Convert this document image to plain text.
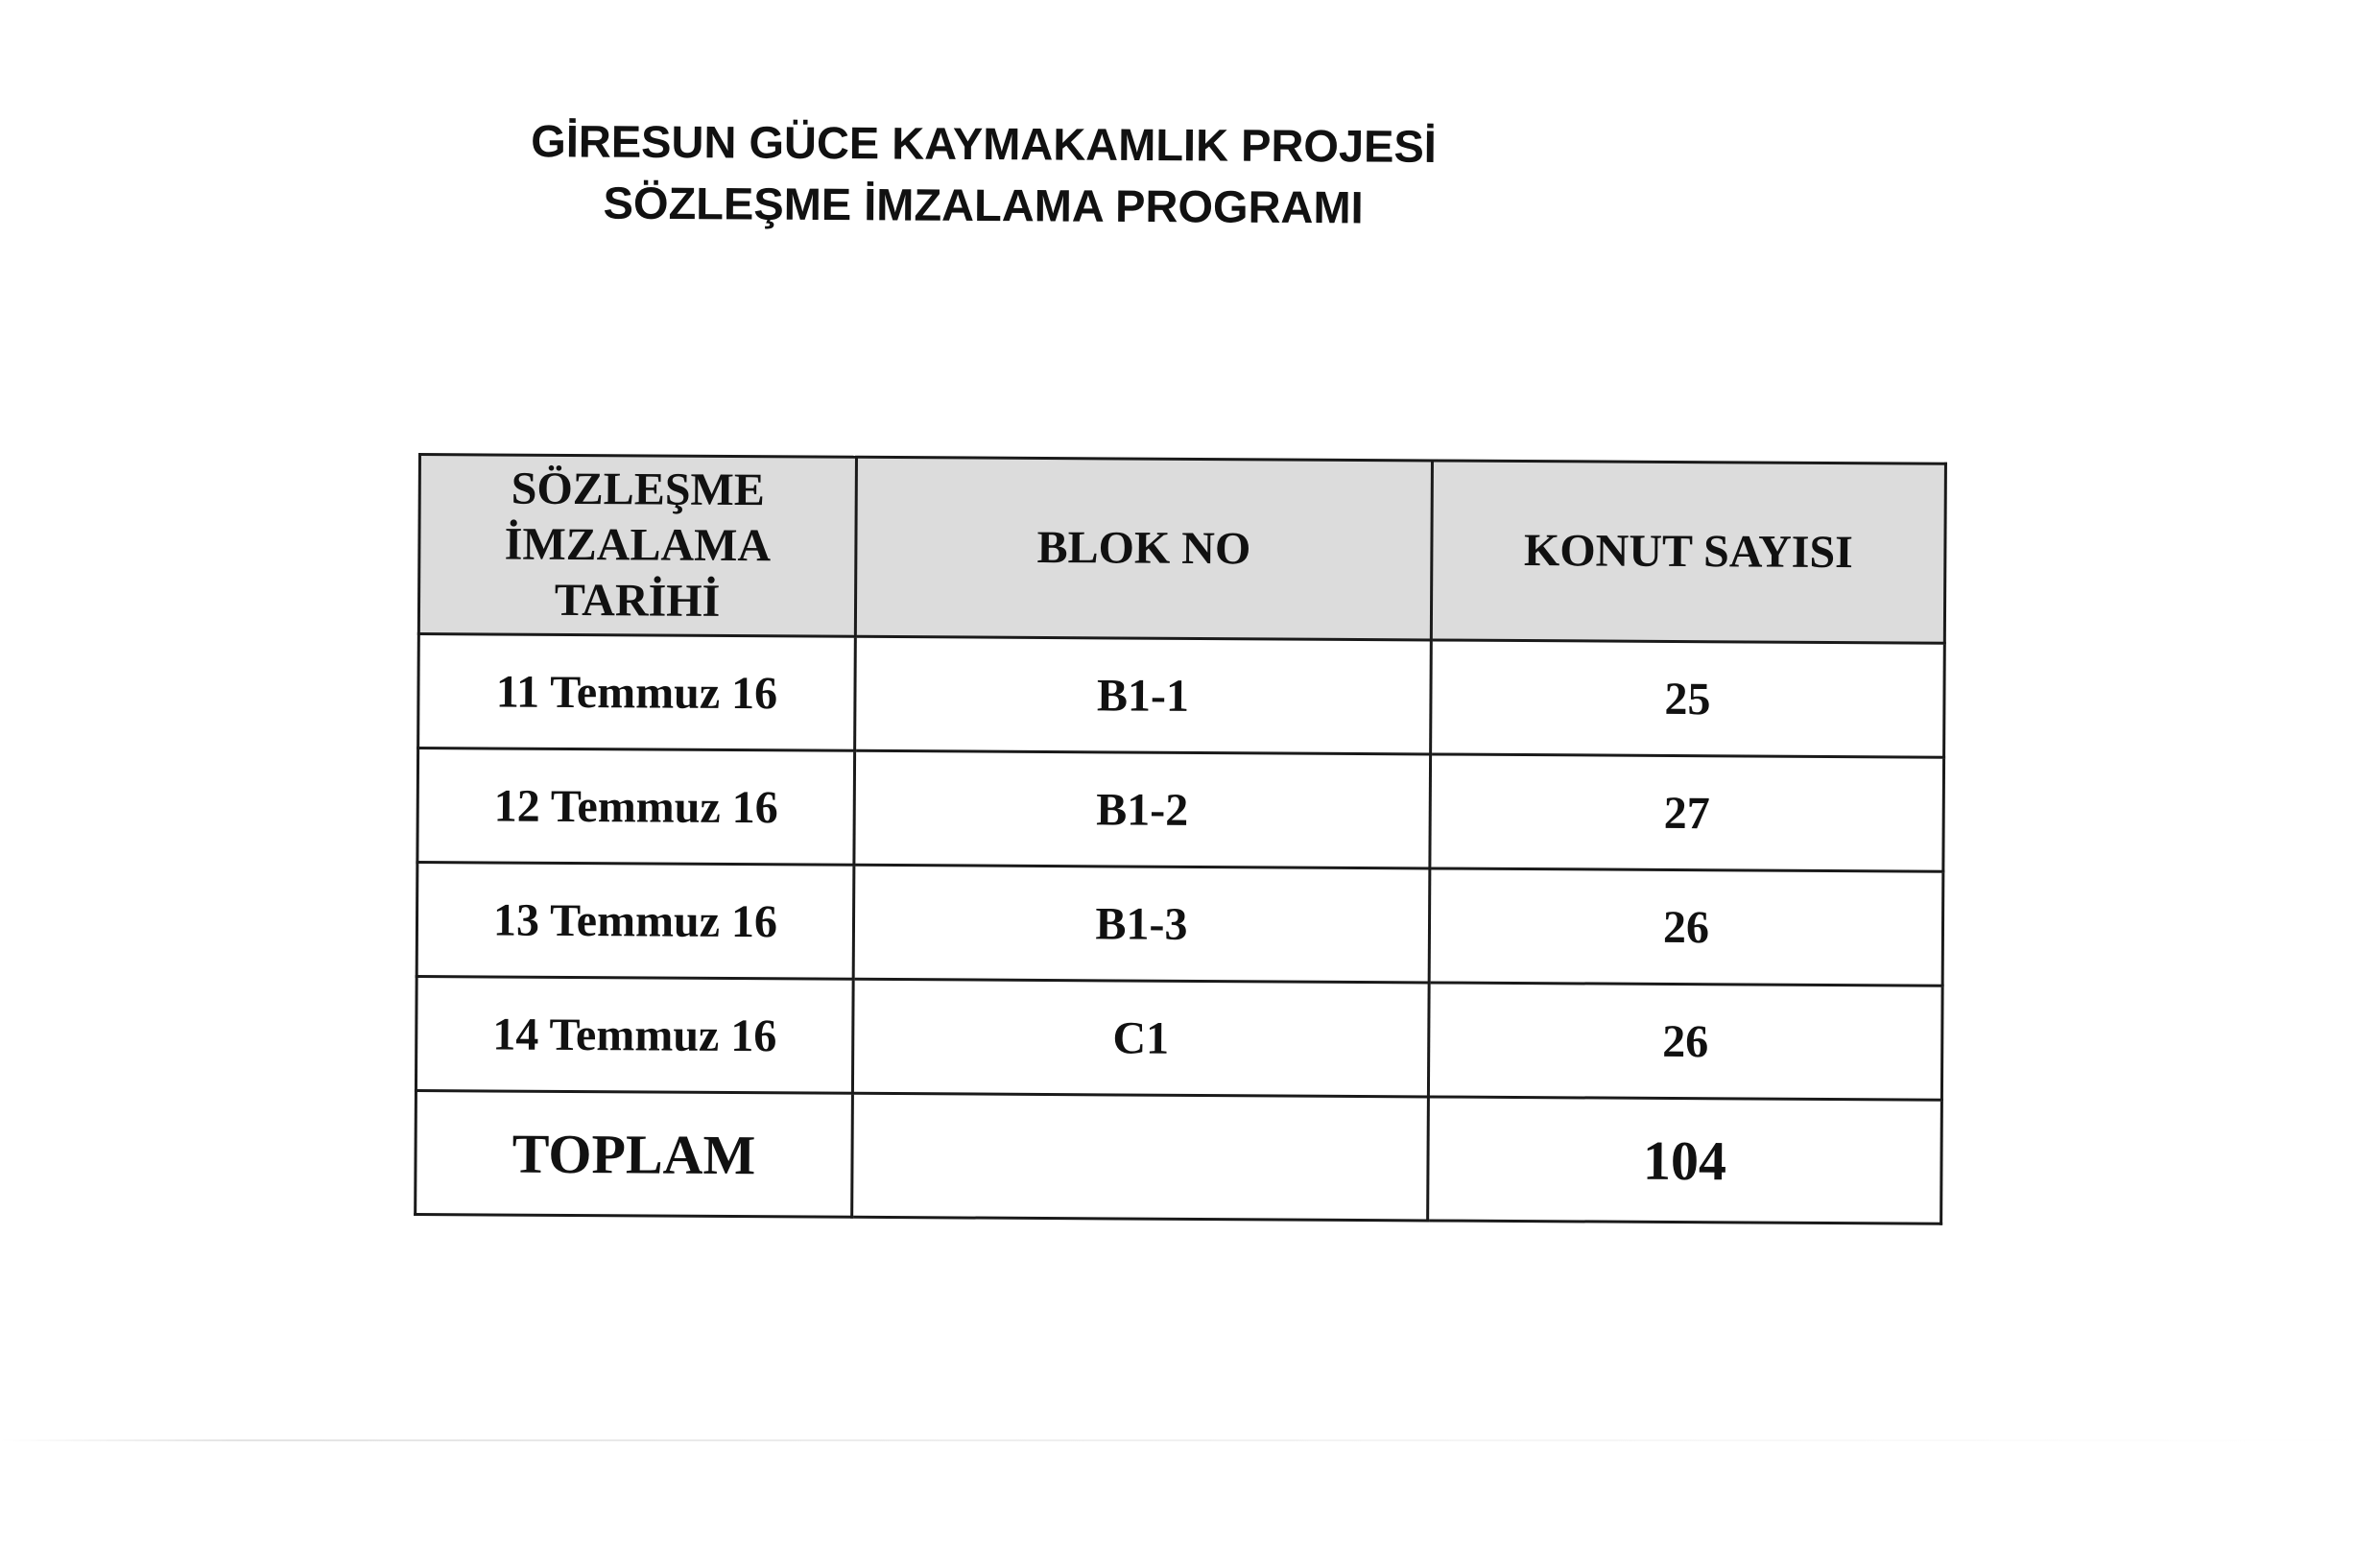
GİRESUN GÜCE KAYMAKAMLIK PROJESİ
SÖZLEŞME İMZALAMA PROGRAMI
SÖZLEŞME
İMZALAMA
TARİHİ	BLOK NO	KONUT SAYISI
11 Temmuz 16	B1-1	25
12 Temmuz 16	B1-2	27
13 Temmuz 16	B1-3	26
14 Temmuz 16	C1	26
TOPLAM		104
